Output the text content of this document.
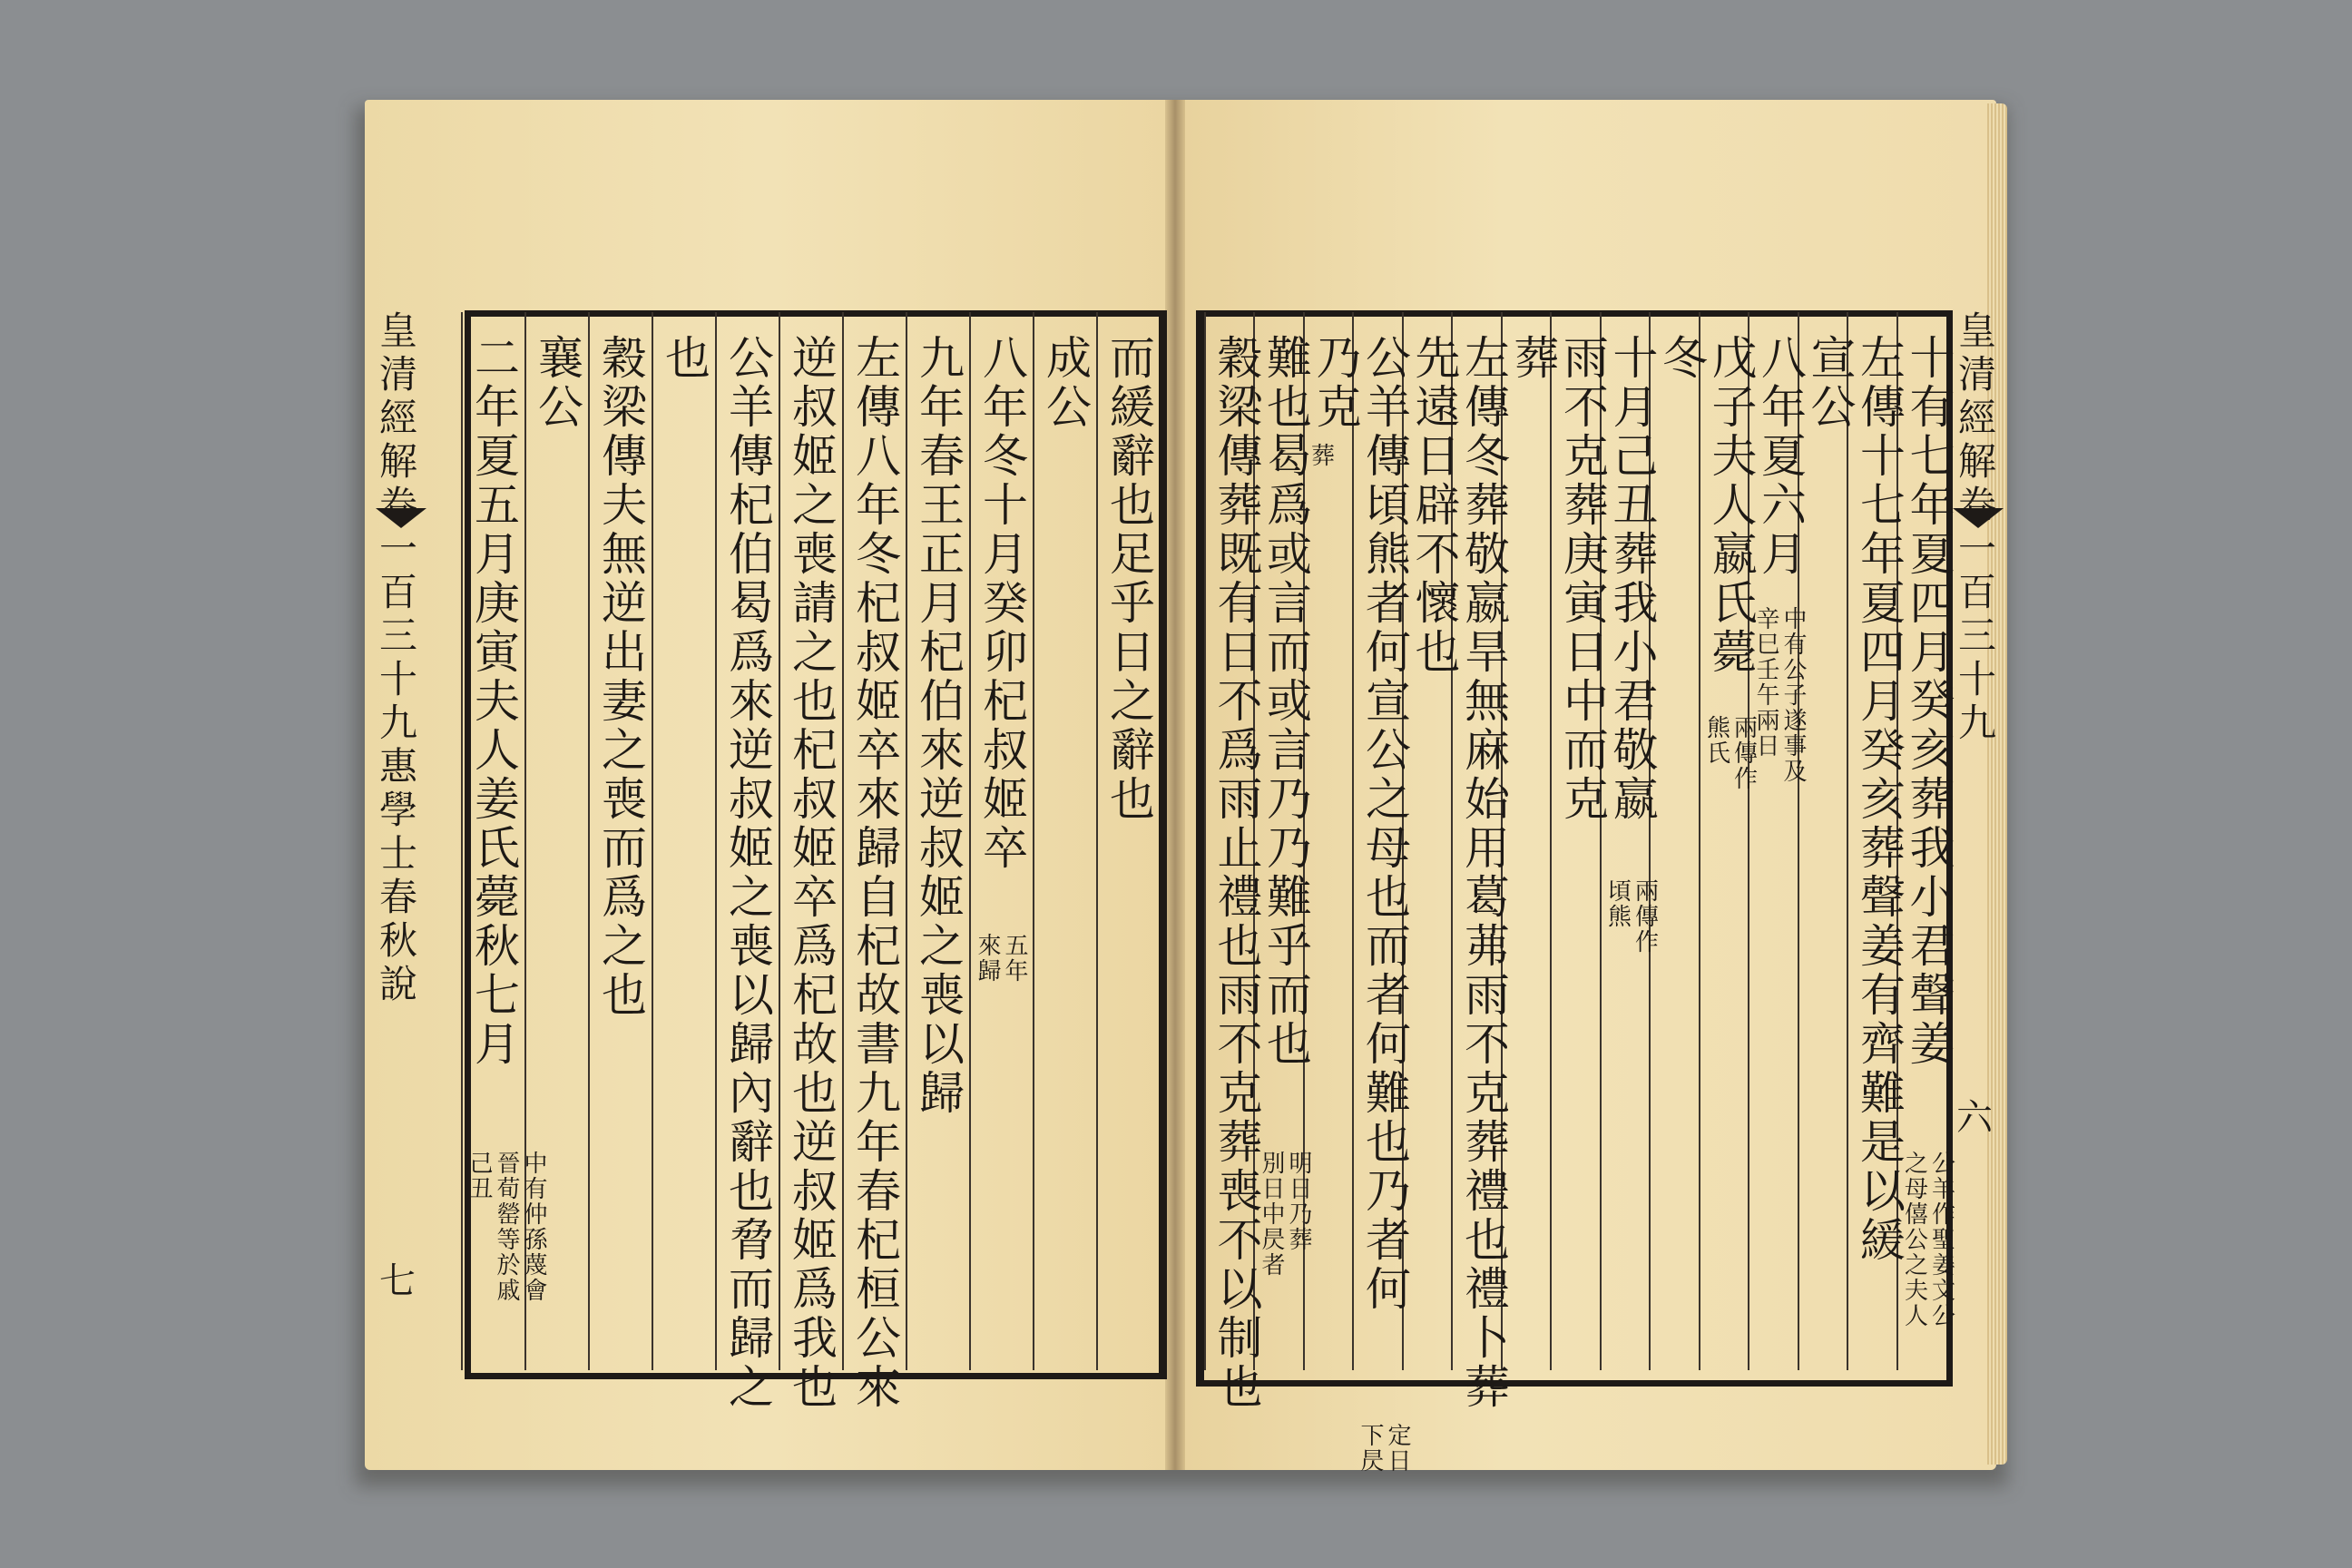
皇清經解卷一百三十九惠學士春秋說
七
而緩辭也足乎日之辭也
成公
八年冬十月癸卯杞叔姬卒
五年
來歸
九年春王正月杞伯來逆叔姬之喪以歸
左傳八年冬杞叔姬卒來歸自杞故書九年春杞桓公來
逆叔姬之喪請之也杞叔姬卒爲杞故也逆叔姬爲我也
公羊傳杞伯曷爲來逆叔姬之喪以歸內辭也脅而歸之
也
穀梁傳夫無逆出妻之喪而爲之也
襄公
二年夏五月庚寅夫人姜氏薨秋七月
中有仲孫蔑會
晉荀罃等於戚
己丑
皇清經解卷一百三十九
六
十有七年夏四月癸亥葬我小君聲姜
公羊作聖姜文公
之母僖公之夫人
左傳十七年夏四月癸亥葬聲姜有齊難是以緩
宣公
八年夏六月
中有公子遂事及
辛巳壬午兩日
戊子夫人嬴氏薨
兩傳作
熊氏
冬
十月己丑葬我小君敬嬴
兩傳作
頃熊
雨不克葬庚寅日中而克
葬
左傳冬葬敬嬴旱無麻始用葛茀雨不克葬禮也禮卜葬
先遠日辟不懷也
公羊傳頃熊者何宣公之母也而者何難也乃者何
定日
下昃
乃克
葬
難也曷爲或言而或言乃乃難乎而也
明日乃葬
別日中昃者
穀梁傳葬既有日不爲雨止禮也雨不克葬喪不以制也
